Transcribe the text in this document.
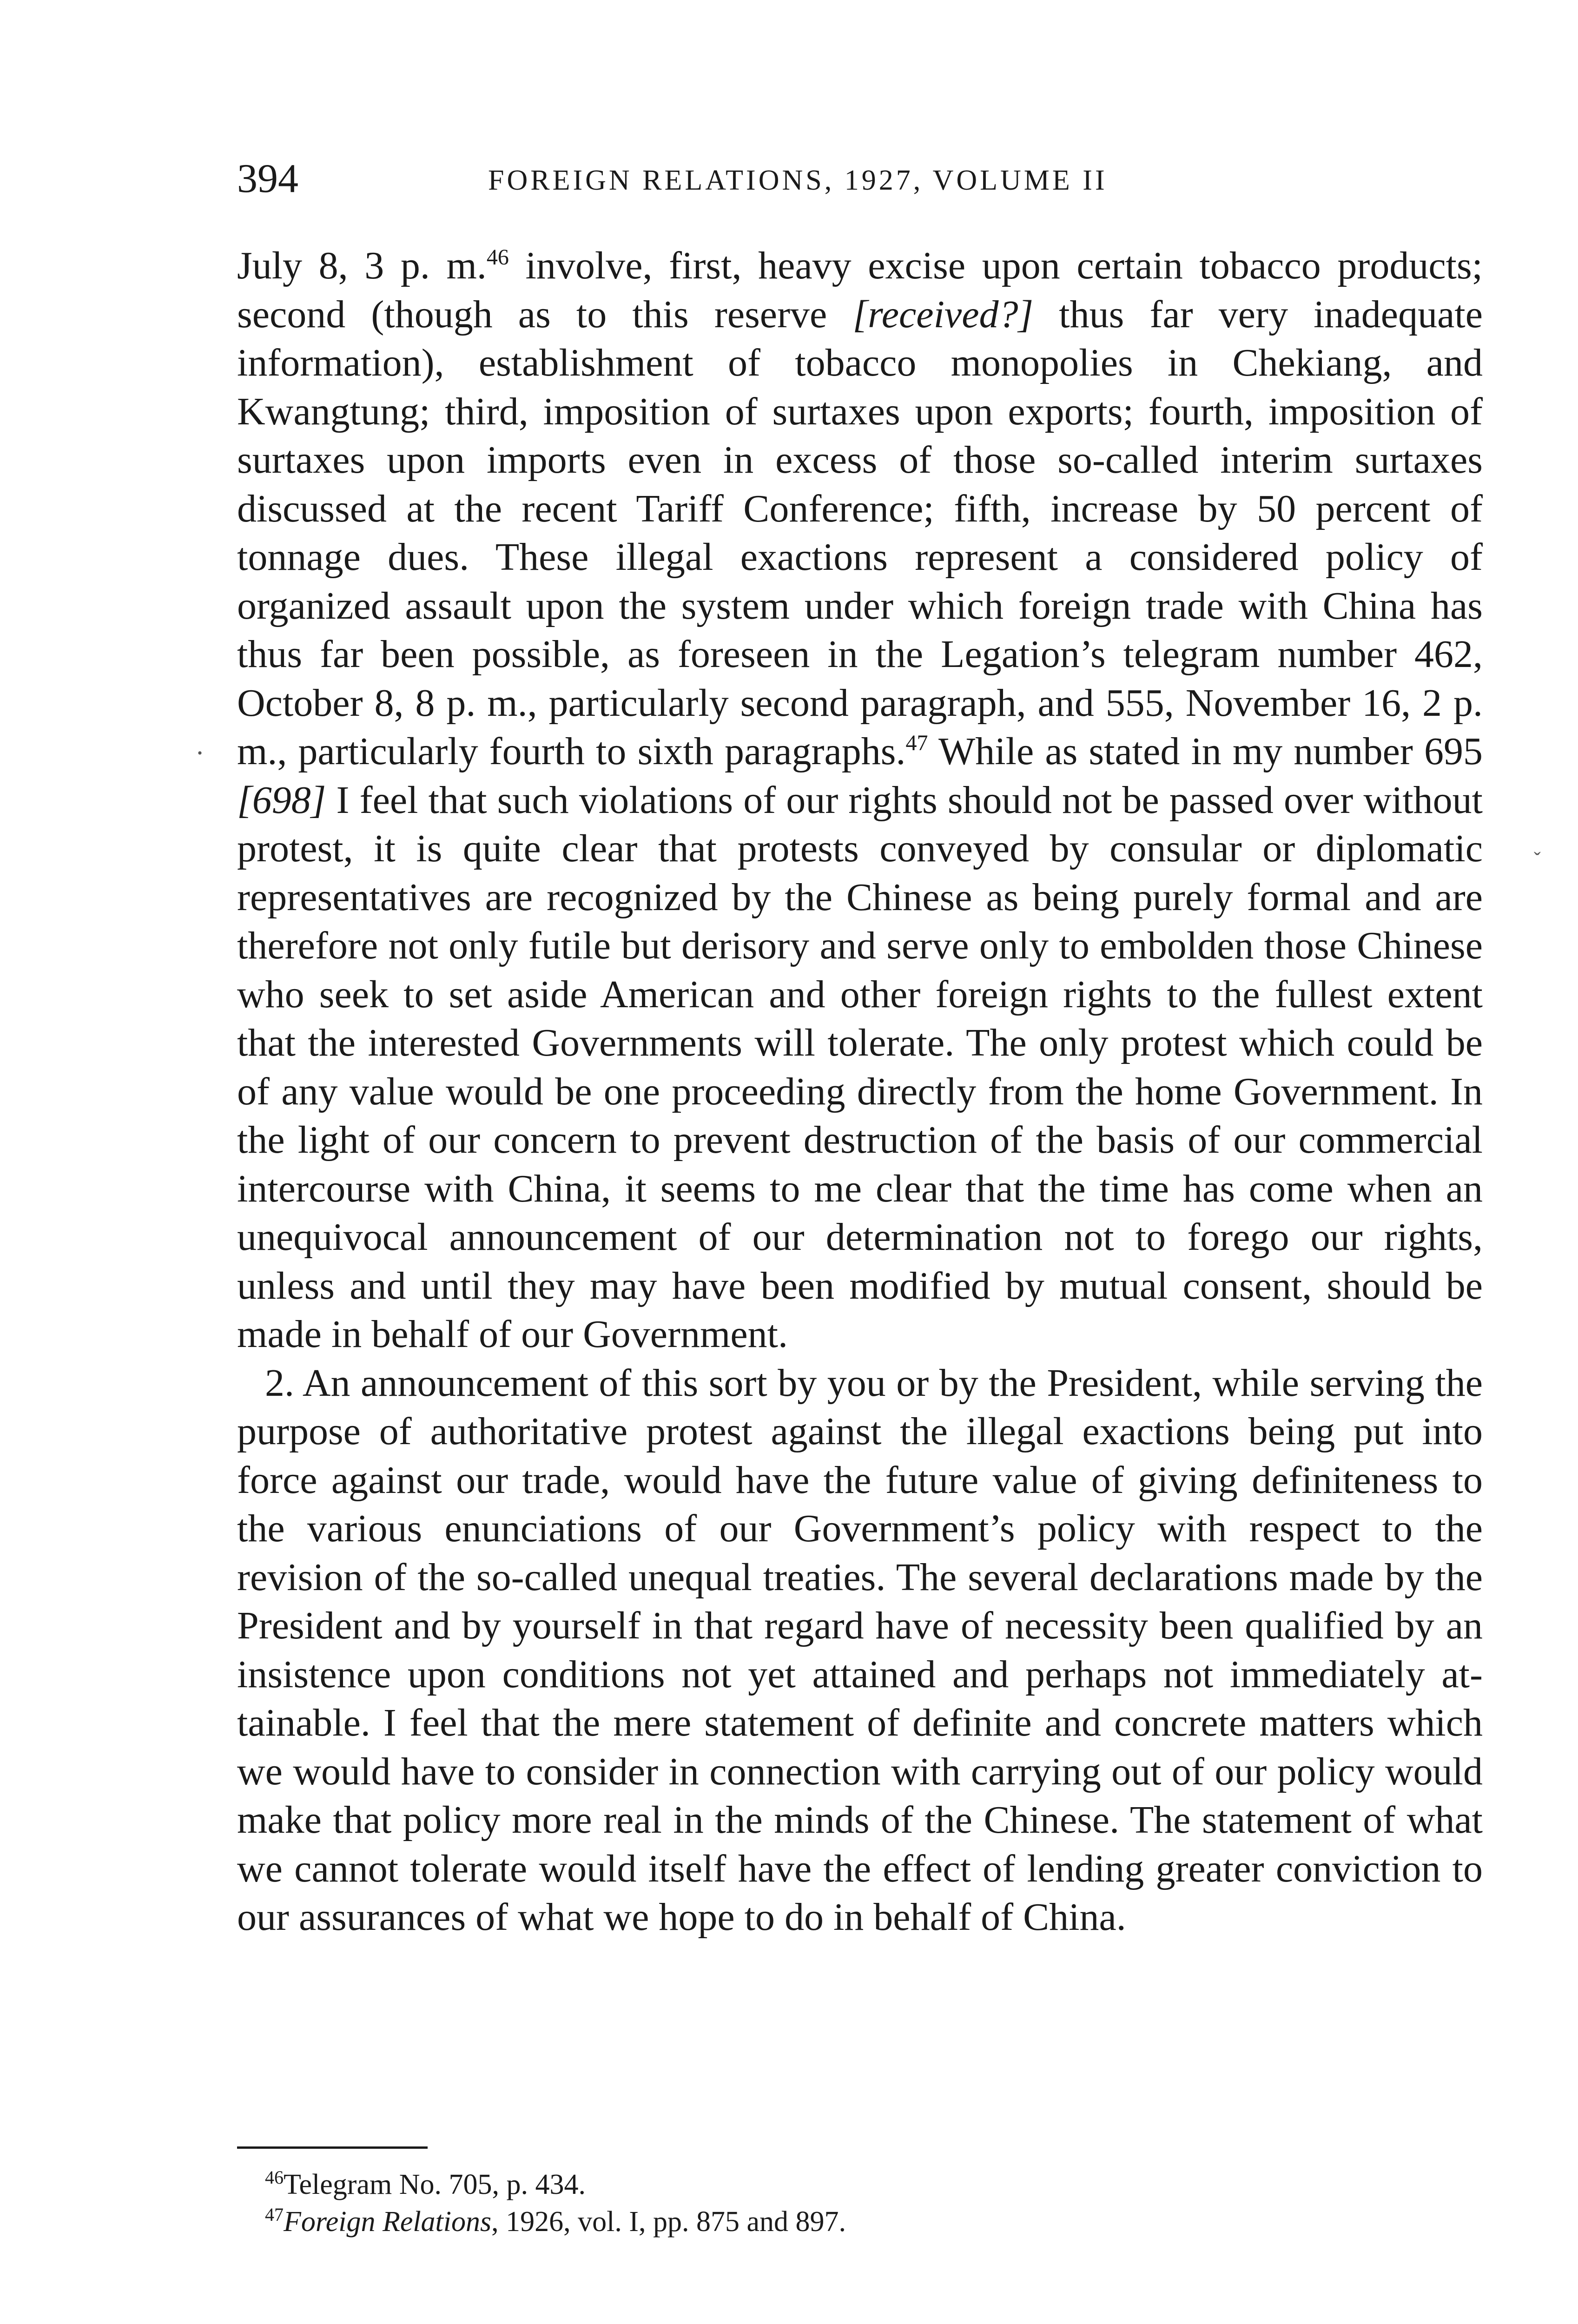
394	FOREIGN RELATIONS, 1927, VOLUME II

July 8, 3 p. m.$^{46}$ involve, first, heavy excise upon certain tobacco products; second (though as to this reserve [received?] thus far very inadequate information), establishment of tobacco monopolies in Chekiang, and Kwangtung; third, imposition of surtaxes upon exports; fourth, imposition of surtaxes upon imports even in excess of those so-called interim surtaxes discussed at the recent Tariff Conference; fifth, increase by 50 percent of tonnage dues. These illegal exactions represent a considered policy of organized assault upon the system under which foreign trade with China has thus far been possible, as foreseen in the Legation’s telegram number 462, October 8, 8 p. m., particularly second paragraph, and 555, November 16, 2 p. m., particularly fourth to sixth paragraphs.$^{47}$ While as stated in my number 695 [698] I feel that such violations of our rights should not be passed over without protest, it is quite clear that protests conveyed by consular or diplomatic representatives are recognized by the Chinese as being purely formal and are therefore not only futile but derisory and serve only to embolden those Chinese who seek to set aside American and other foreign rights to the fullest extent that the interested Governments will tolerate. The only protest which could be of any value would be one proceeding directly from the home Government. In the light of our concern to prevent destruction of the basis of our commercial intercourse with China, it seems to me clear that the time has come when an unequivocal announcement of our determination not to forego our rights, unless and until they may have been modified by mutual consent, should be made in behalf of our Government.

2. An announcement of this sort by you or by the President, while serving the purpose of authoritative protest against the illegal exactions being put into force against our trade, would have the future value of giving definiteness to the various enunciations of our Government’s policy with respect to the revision of the so-called unequal treaties. The several declarations made by the President and by yourself in that regard have of necessity been qualified by an insistence upon conditions not yet attained and perhaps not immediately attainable. I feel that the mere statement of definite and concrete matters which we would have to consider in connection with carrying out of our policy would make that policy more real in the minds of the Chinese. The statement of what we cannot tolerate would itself have the effect of lending greater conviction to our assurances of what we hope to do in behalf of China.

$^{46}$Telegram No. 705, p. 434.
$^{47}$Foreign Relations, 1926, vol. I, pp. 875 and 897.
·
ˇ
